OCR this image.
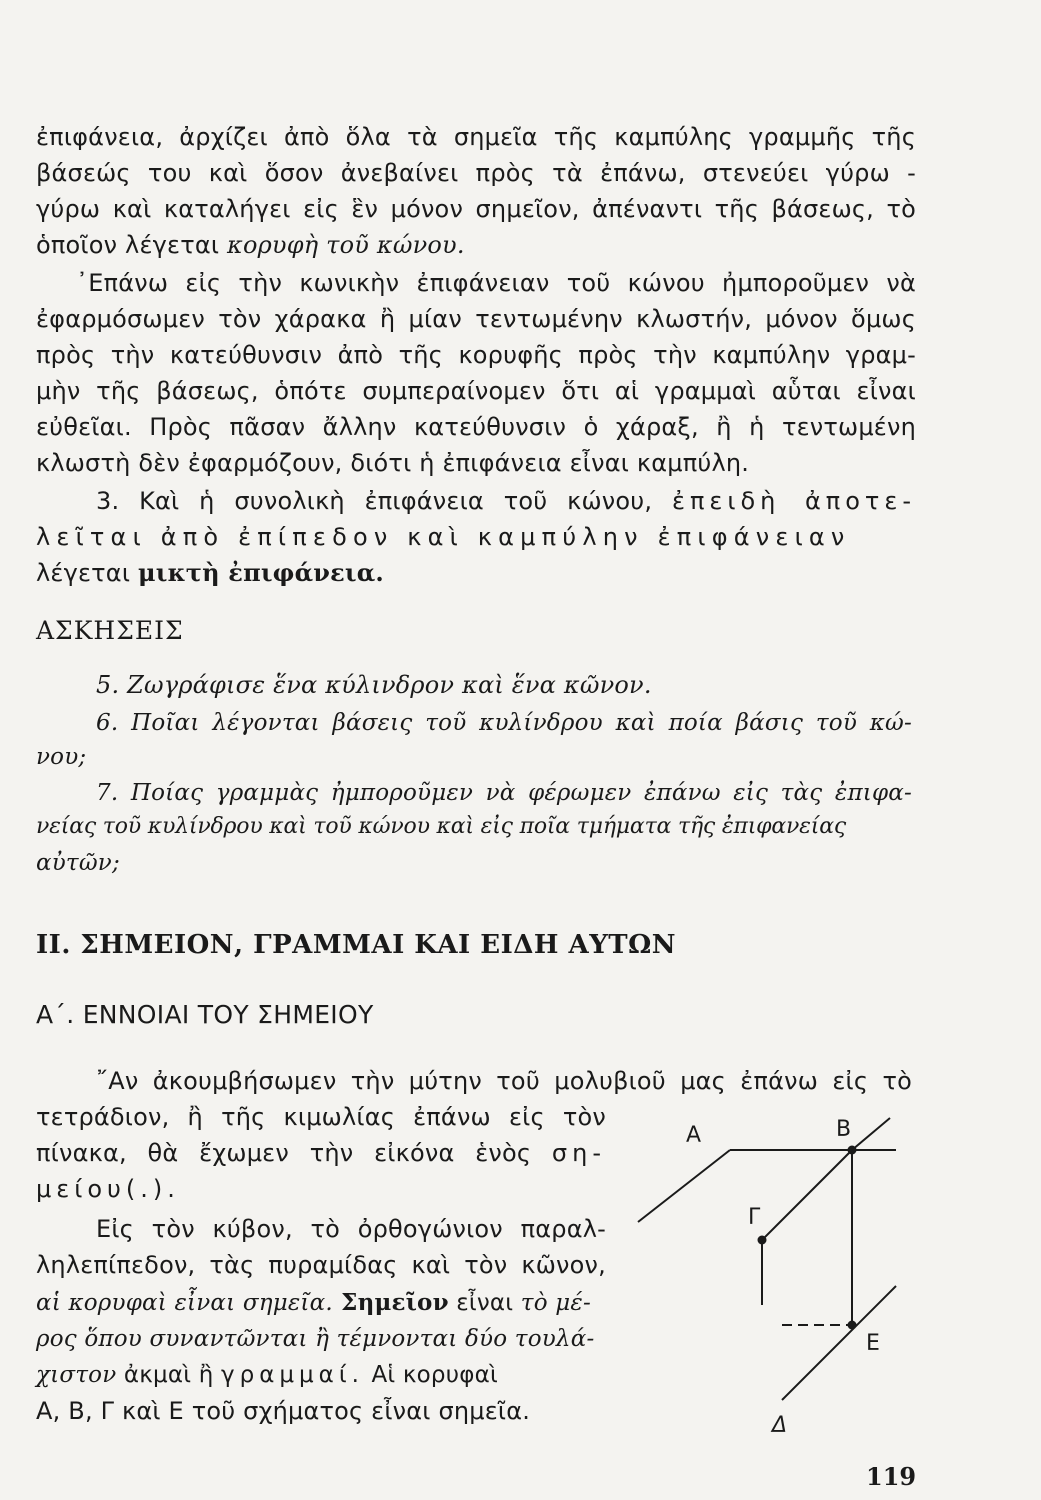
ἐπιφάνεια, ἀρχίζει ἀπὸ ὅλα τὰ σημεῖα τῆς καμπύλης γραμμῆς τῆς
βάσεώς του καὶ ὅσον ἀνεβαίνει πρὸς τὰ ἐπάνω, στενεύει γύρω -
γύρω καὶ καταλήγει εἰς ἓν μόνον σημεῖον, ἀπέναντι τῆς βάσεως, τὸ
ὁποῖον λέγεται κορυφὴ τοῦ κώνου.
᾿Επάνω εἰς τὴν κωνικὴν ἐπιφάνειαν τοῦ κώνου ἠμποροῦμεν νὰ
ἐφαρμόσωμεν τὸν χάρακα ἢ μίαν τεντωμένην κλωστήν, μόνον ὅμως
πρὸς τὴν κατεύθυνσιν ἀπὸ τῆς κορυφῆς πρὸς τὴν καμπύλην γραμ-
μὴν τῆς βάσεως, ὁπότε συμπεραίνομεν ὅτι αἱ γραμμαὶ αὗται εἶναι
εὐθεῖαι. Πρὸς πᾶσαν ἄλλην κατεύθυνσιν ὁ χάραξ, ἢ ἡ τεντωμένη
κλωστὴ δὲν ἐφαρμόζουν, διότι ἡ ἐπιφάνεια εἶναι καμπύλη.
3. Καὶ ἡ συνολικὴ ἐπιφάνεια τοῦ κώνου, ἐπειδὴ ἀποτε-
λεῖται ἀπὸ ἐπίπεδον καὶ καμπύλην ἐπιφάνειαν
λέγεται μικτὴ ἐπιφάνεια.
ΑΣΚΗΣΕΙΣ
5. Ζωγράφισε ἕνα κύλινδρον καὶ ἕνα κῶνον.
6. Ποῖαι λέγονται βάσεις τοῦ κυλίνδρου καὶ ποία βάσις τοῦ κώ-
νου;
7. Ποίας γραμμὰς ἠμποροῦμεν νὰ φέρωμεν ἐπάνω εἰς τὰς ἐπιφα-
νείας τοῦ κυλίνδρου καὶ τοῦ κώνου καὶ εἰς ποῖα τμήματα τῆς ἐπιφανείας
αὐτῶν;
II. ΣΗΜΕΙΟΝ, ΓΡΑΜΜΑΙ ΚΑΙ ΕΙΔΗ ΑΥΤΩΝ
Α΄. ΕΝΝΟΙΑΙ ΤΟΥ ΣΗΜΕΙΟΥ
῎Αν ἀκουμβήσωμεν τὴν μύτην τοῦ μολυβιοῦ μας ἐπάνω εἰς τὸ
τετράδιον, ἢ τῆς κιμωλίας ἐπάνω εἰς τὸν
πίνακα, θὰ ἔχωμεν τὴν εἰκόνα ἑνὸς ση-
μείου(.).
Εἰς τὸν κύβον, τὸ ὀρθογώνιον παραλ-
ληλεπίπεδον, τὰς πυραμίδας καὶ τὸν κῶνον,
αἱ κορυφαὶ εἶναι σημεῖα. Σημεῖον εἶναι τὸ μέ-
ρος ὅπου συναντῶνται ἢ τέμνονται δύο τουλά-
χιστον ἀκμαὶ ἢ γραμμαί. Αἱ κορυφαὶ
Α, Β, Γ καὶ Ε τοῦ σχήματος εἶναι σημεῖα.
Α	Β
Γ
Ε
Δ
119
